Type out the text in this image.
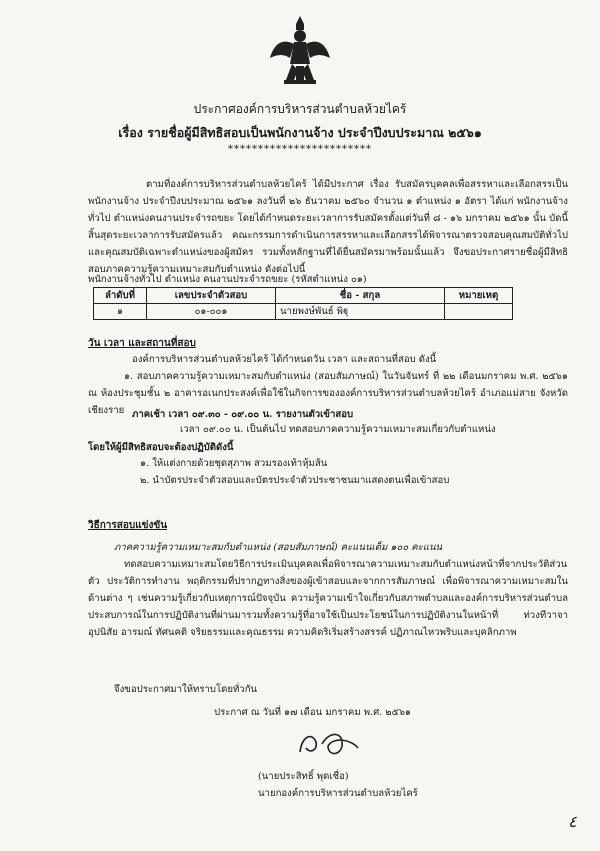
ประกาศองค์การบริหารส่วนตำบลห้วยไคร้
เรื่อง รายชื่อผู้มีสิทธิสอบเป็นพนักงานจ้าง ประจำปีงบประมาณ ๒๕๖๑
************************
ตามที่องค์การบริหารส่วนตำบลห้วยไคร้ ได้มีประกาศ เรื่อง รับสมัครบุคคลเพื่อสรรหาและเลือกสรรเป็นพนักงานจ้าง ประจำปีงบประมาณ ๒๕๖๑ ลงวันที่ ๒๖ ธันวาคม ๒๕๖๐ จำนวน ๑ ตำแหน่ง ๑ อัตรา ได้แก่ พนักงานจ้างทั่วไป ตำแหน่งคนงานประจำรถขยะ โดยได้กำหนดระยะเวลาการรับสมัครตั้งแต่วันที่ ๘ - ๑๖ มกราคม ๒๕๖๑ นั้น บัดนี้สิ้นสุดระยะเวลาการรับสมัครแล้ว คณะกรรมการดำเนินการสรรหาและเลือกสรรได้พิจารณาตรวจสอบคุณสมบัติทั่วไปและคุณสมบัติเฉพาะตำแหน่งของผู้สมัคร รวมทั้งหลักฐานที่ได้ยื่นสมัครมาพร้อมนั้นแล้ว จึงขอประกาศรายชื่อผู้มีสิทธิสอบภาคความรู้ความเหมาะสมกับตำแหน่ง ดังต่อไปนี้
พนักงานจ้างทั่วไป ตำแหน่ง คนงานประจำรถขยะ (รหัสตำแหน่ง ๐๑)
ลำดับที่	เลขประจำตัวสอบ	ชื่อ - สกุล	หมายเหตุ
๑	๐๑-๐๐๑	นายพงษ์พันธ์ พิฐุ	
วัน เวลา และสถานที่สอบ
องค์การบริหารส่วนตำบลห้วยไคร้ ได้กำหนดวัน เวลา และสถานที่สอบ ดังนี้
๑. สอบภาคความรู้ความเหมาะสมกับตำแหน่ง (สอบสัมภาษณ์) ในวันจันทร์ ที่ ๒๒ เดือนมกราคม พ.ศ. ๒๕๖๑ ณ ห้องประชุมชั้น ๒ อาคารอเนกประสงค์เพื่อใช้ในกิจการขององค์การบริหารส่วนตำบลห้วยไคร้ อำเภอแม่สาย จังหวัดเชียงราย ภาคเช้า เวลา ๐๙.๓๐ - ๐๙.๐๐ น. รายงานตัวเข้าสอบ
เวลา ๐๙.๐๐ น. เป็นต้นไป ทดสอบภาคความรู้ความเหมาะสมเกี่ยวกับตำแหน่ง
โดยให้ผู้มีสิทธิสอบจะต้องปฏิบัติดังนี้
๑. ให้แต่งกายด้วยชุดสุภาพ สวมรองเท้าหุ้มส้น
๒. นำบัตรประจำตัวสอบและบัตรประจำตัวประชาชนมาแสดงตนเพื่อเข้าสอบ
วิธีการสอบแข่งขัน
ภาคความรู้ความเหมาะสมกับตำแหน่ง (สอบสัมภาษณ์) คะแนนเต็ม ๑๐๐ คะแนน
ทดสอบความเหมาะสมโดยวิธีการประเมินบุคคลเพื่อพิจารณาความเหมาะสมกับตำแหน่งหน้าที่จากประวัติส่วนตัว ประวัติการทำงาน พฤติกรรมที่ปรากฏทางสิ่งของผู้เข้าสอบและจากการสัมภาษณ์ เพื่อพิจารณาความเหมาะสมในด้านต่าง ๆ เช่นความรู้เกี่ยวกับเหตุการณ์ปัจจุบัน ความรู้ความเข้าใจเกี่ยวกับสภาพตำบลและองค์การบริหารส่วนตำบล ประสบการณ์ในการปฏิบัติงานที่ผ่านมารวมทั้งความรู้ที่อาจใช้เป็นประโยชน์ในการปฏิบัติงานในหน้าที่ ท่วงทีวาจา อุปนิสัย อารมณ์ ทัศนคติ จริยธรรมและคุณธรรม ความคิดริเริ่มสร้างสรรค์ ปฏิภาณไหวพริบและบุคลิกภาพ
จึงขอประกาศมาให้ทราบโดยทั่วกัน
ประกาศ ณ วันที่ ๑๗ เดือน มกราคม พ.ศ. ๒๕๖๑
(นายประสิทธิ์ พุดเชื่อ)
นายกองค์การบริหารส่วนตำบลห้วยไคร้
٤
